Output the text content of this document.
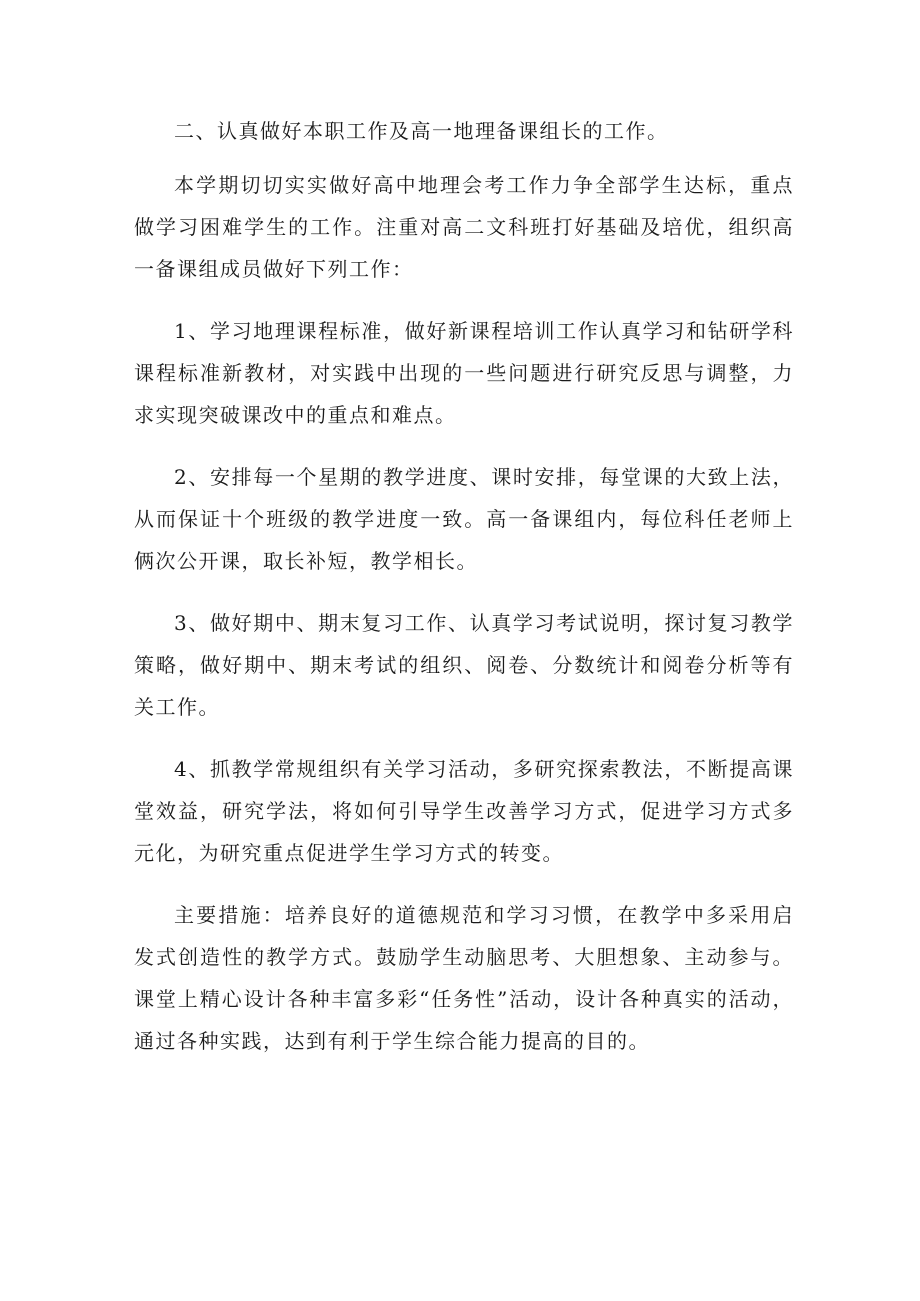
二、认真做好本职工作及高一地理备课组长的工作。

本学期切切实实做好高中地理会考工作力争全部学生达标，重点做学习困难学生的工作。注重对高二文科班打好基础及培优，组织高一备课组成员做好下列工作：

1、学习地理课程标准，做好新课程培训工作认真学习和钻研学科课程标准新教材，对实践中出现的一些问题进行研究反思与调整，力求实现突破课改中的重点和难点。

2、安排每一个星期的教学进度、课时安排，每堂课的大致上法，从而保证十个班级的教学进度一致。高一备课组内，每位科任老师上俩次公开课，取长补短，教学相长。

3、做好期中、期末复习工作、认真学习考试说明，探讨复习教学策略，做好期中、期末考试的组织、阅卷、分数统计和阅卷分析等有关工作。

4、抓教学常规组织有关学习活动，多研究探索教法，不断提高课堂效益，研究学法，将如何引导学生改善学习方式，促进学习方式多元化，为研究重点促进学生学习方式的转变。

主要措施：培养良好的道德规范和学习习惯，在教学中多采用启发式创造性的教学方式。鼓励学生动脑思考、大胆想象、主动参与。课堂上精心设计各种丰富多彩“任务性”活动，设计各种真实的活动，通过各种实践，达到有利于学生综合能力提高的目的。
